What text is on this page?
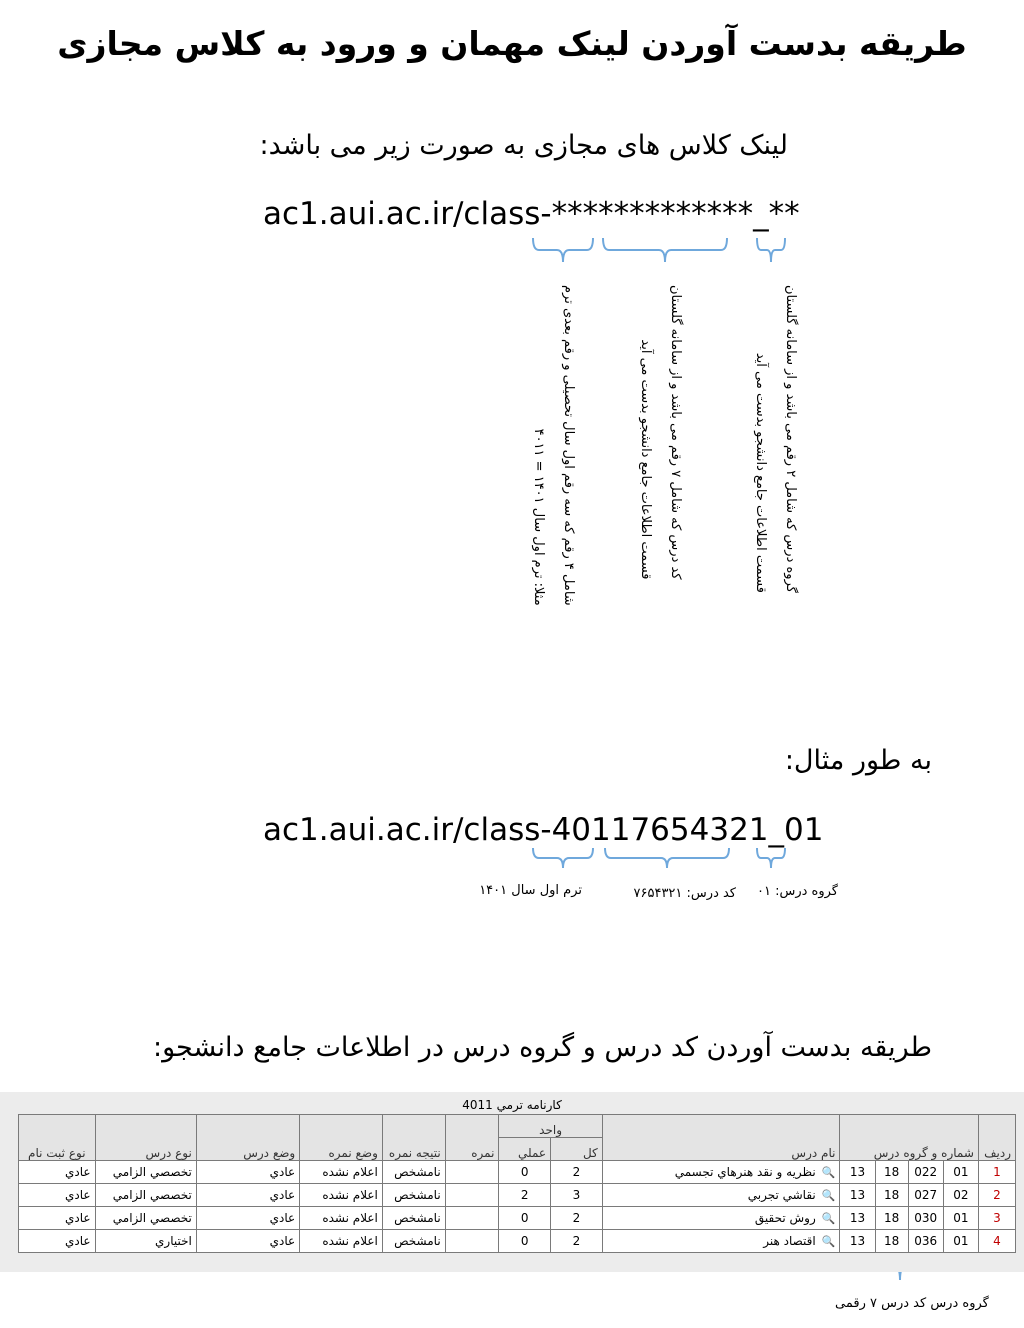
طریقه بدست آوردن لینک مهمان و ورود به کلاس مجازی
لینک کلاس های مجازی به صورت زیر می باشد:
ac1.aui.ac.ir/class-*************_**
شامل ۴ رقم که سه رقم اول سال تحصیلی و رقم بعدی ترم
مثلا: ترم اول سال ۱۴۰۱ = ۴۰۱۱
کد درس که شامل ۷ رقم می باشد و از سامانه گلستان
قسمت اطلاعات جامع دانشجو بدست می آید	گروه درس که شامل ۲ رقم می باشد و از سامانه گلستان
قسمت اطلاعات جامع دانشجو بدست می آید
به طور مثال:
ac1.aui.ac.ir/class-40117654321_01
ترم اول سال ۱۴۰۱	کد درس: ۷۶۵۴۳۲۱ گروه درس: ۰۱
طریقه بدست آوردن کد درس و گروه درس در اطلاعات جامع دانشجو:
کارنامه ترمي 4011
رديف	شماره و گروه درس				نام درس	واحد		نمره	نتيجه نمره	وضع نمره	وضع درس	نوع درس	نوع ثبت نام
						کل	عملي						
1	01	022	18	13	🔍نظريه و نقد هنرهاي تجسمي	2	0		نامشخص	اعلام نشده	عادي	تخصصي الزامي	عادي
2	02	027	18	13	🔍نقاشي تجربي	3	2		نامشخص	اعلام نشده	عادي	تخصصي الزامي	عادي
3	01	030	18	13	🔍روش تحقيق	2	0		نامشخص	اعلام نشده	عادي	تخصصي الزامي	عادي
4	01	036	18	13	🔍اقتصاد هنر	2	0		نامشخص	اعلام نشده	عادي	اختياري	عادي
گروه درس کد درس ۷ رقمی
